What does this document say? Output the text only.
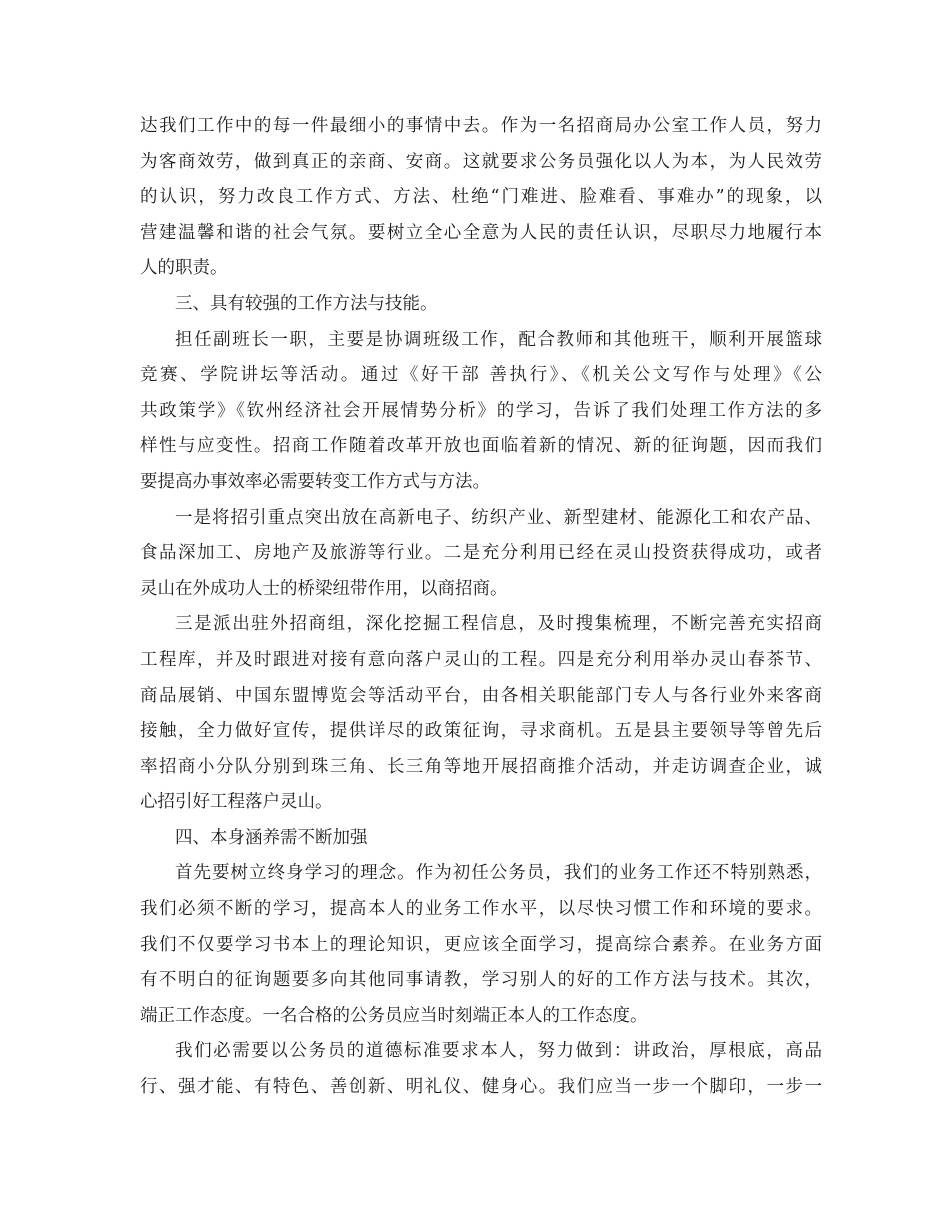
达我们工作中的每一件最细小的事情中去。作为一名招商局办公室工作人员，努力
为客商效劳，做到真正的亲商、安商。这就要求公务员强化以人为本，为人民效劳
的认识，努力改良工作方式、方法、杜绝“门难进、脸难看、事难办”的现象，以
营建温馨和谐的社会气氛。要树立全心全意为人民的责任认识，尽职尽力地履行本
人的职责。
三、具有较强的工作方法与技能。
担任副班长一职，主要是协调班级工作，配合教师和其他班干，顺利开展篮球
竞赛、学院讲坛等活动。通过《好干部 善执行》、《机关公文写作与处理》《公
共政策学》《钦州经济社会开展情势分析》的学习，告诉了我们处理工作方法的多
样性与应变性。招商工作随着改革开放也面临着新的情况、新的征询题，因而我们
要提高办事效率必需要转变工作方式与方法。
一是将招引重点突出放在高新电子、纺织产业、新型建材、能源化工和农产品、
食品深加工、房地产及旅游等行业。二是充分利用已经在灵山投资获得成功，或者
灵山在外成功人士的桥梁纽带作用，以商招商。
三是派出驻外招商组，深化挖掘工程信息，及时搜集梳理，不断完善充实招商
工程库，并及时跟进对接有意向落户灵山的工程。四是充分利用举办灵山春茶节、
商品展销、中国东盟博览会等活动平台，由各相关职能部门专人与各行业外来客商
接触，全力做好宣传，提供详尽的政策征询，寻求商机。五是县主要领导等曾先后
率招商小分队分别到珠三角、长三角等地开展招商推介活动，并走访调查企业，诚
心招引好工程落户灵山。
四、本身涵养需不断加强
首先要树立终身学习的理念。作为初任公务员，我们的业务工作还不特别熟悉，
我们必须不断的学习，提高本人的业务工作水平，以尽快习惯工作和环境的要求。
我们不仅要学习书本上的理论知识，更应该全面学习，提高综合素养。在业务方面
有不明白的征询题要多向其他同事请教，学习别人的好的工作方法与技术。其次，
端正工作态度。一名合格的公务员应当时刻端正本人的工作态度。
我们必需要以公务员的道德标准要求本人，努力做到：讲政治，厚根底，高品
行、强才能、有特色、善创新、明礼仪、健身心。我们应当一步一个脚印，一步一
